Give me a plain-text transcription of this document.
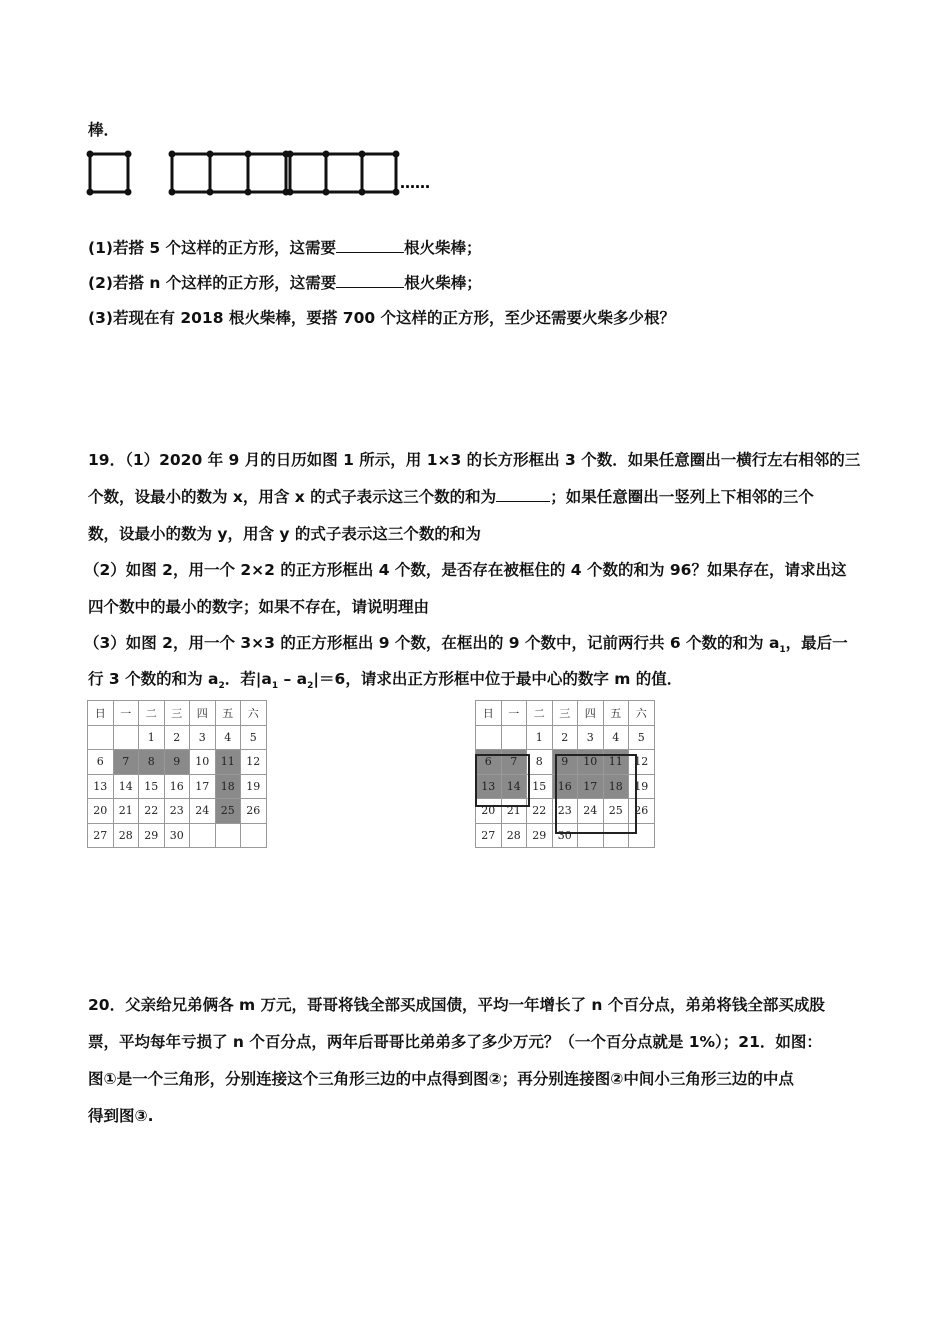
棒．
……
(1)若搭 5 个这样的正方形，这需要	根火柴棒；
(2)若搭 n 个这样的正方形，这需要	根火柴棒；
(3)若现在有 2018 根火柴棒，要搭 700 个这样的正方形，至少还需要火柴多少根？
19．（1）2020 年 9 月的日历如图 1 所示，用 1×3 的长方形框出 3 个数．如果任意圈出一横行左右相邻的三
个数，设最小的数为 x，用含 x 的式子表示这三个数的和为	；如果任意圈出一竖列上下相邻的三个
数，设最小的数为 y，用含 y 的式子表示这三个数的和为
（2）如图 2，用一个 2×2 的正方形框出 4 个数，是否存在被框住的 4 个数的和为 96？如果存在，请求出这
四个数中的最小的数字；如果不存在，请说明理由
（3）如图 2，用一个 3×3 的正方形框出 9 个数，在框出的 9 个数中，记前两行共 6 个数的和为 $a_1$，最后一
行 3 个数的和为 $a_2$．若$|a_1 - a_2|=6$，请求出正方形框中位于最中心的数字 m 的值．
日	一	二	三	四	五	六
		1	2	3	4	5
6	7	8	9	10	11	12
13	14	15	16	17	18	19
20	21	22	23	24	25	26
27	28	29	30			
日	一	二	三	四	五	六
		1	2	3	4	5
6	7	8	9	10	11	12
13	14	15	16	17	18	19
20	21	22	23	24	25	26
27	28	29	30			
20．父亲给兄弟俩各 m 万元，哥哥将钱全部买成国债，平均一年增长了 n 个百分点，弟弟将钱全部买成股
票，平均每年亏损了 n 个百分点，两年后哥哥比弟弟多了多少万元？（一个百分点就是 1%）；21．如图：
图①是一个三角形，分别连接这个三角形三边的中点得到图②；再分别连接图②中间小三角形三边的中点
得到图③.
